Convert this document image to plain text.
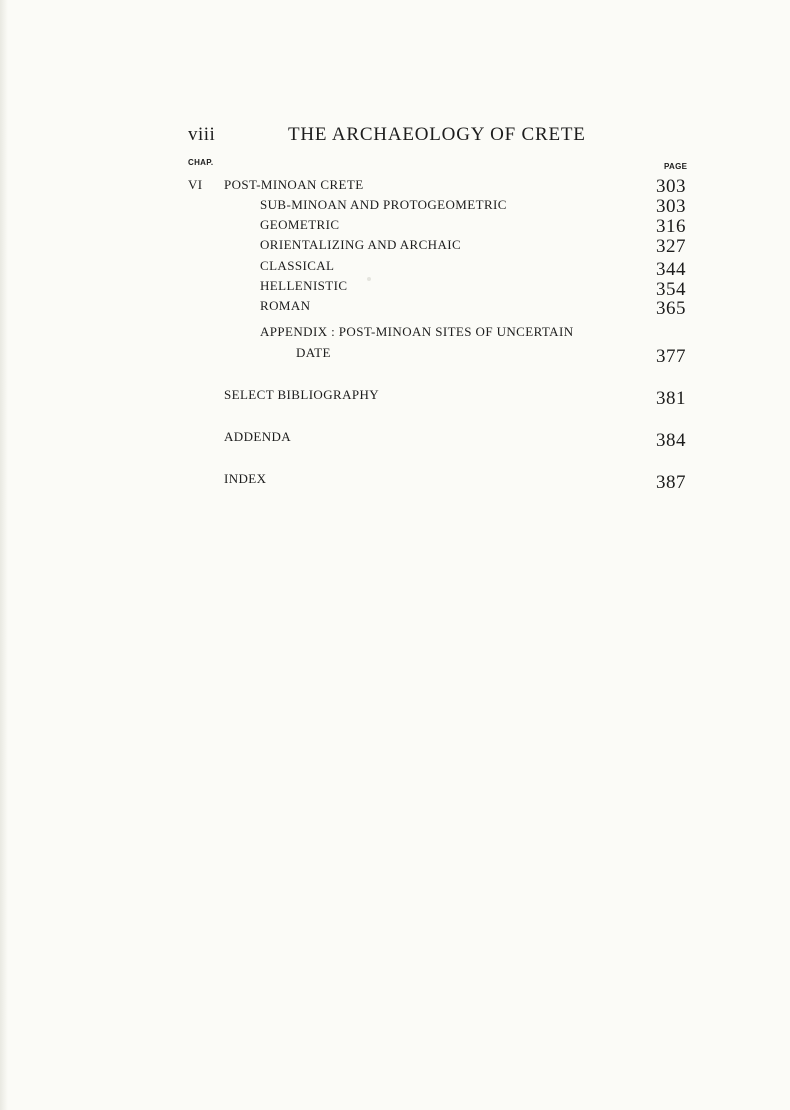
viii	THE ARCHAEOLOGY OF CRETE
CHAP.	PAGE
VI POST-MINOAN CRETE	303
SUB-MINOAN AND PROTOGEOMETRIC	303
GEOMETRIC	316
ORIENTALIZING AND ARCHAIC	327
CLASSICAL	344
HELLENISTIC	354
ROMAN	365
APPENDIX : POST-MINOAN SITES OF UNCERTAIN
DATE	377
SELECT BIBLIOGRAPHY	381
ADDENDA	384
INDEX	387
